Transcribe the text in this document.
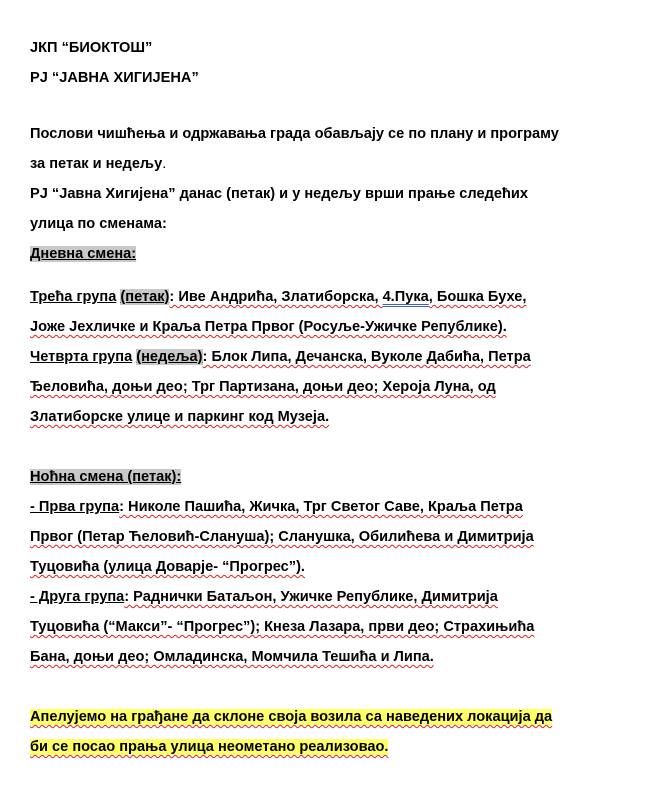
ЈКП “БИОКТОШ”
РЈ “ЈАВНА ХИГИЈЕНА”
Послови чишћења и одржавања града обављају се по плану и програму
за петак и недељу.
РЈ “Јавна Хигијена” данас (петак) и у недељу врши прање следећих
улица по сменама:
Дневна смена:
Трећа група (петак): Иве Андрића, Златиборска, 4.Пука, Бошка Бухе,
Јоже Јехличке и Краља Петра Првог (Росуље-Ужичке Републике).
Четврта група (недеља): Блок Липа, Дечанска, Вуколе Дабића, Петра
Ђеловића, доњи део; Трг Партизана, доњи део; Хероја Луна, од
Златиборске улице и паркинг код Музеја.
Ноћна смена (петак):
- Прва група: Николе Пашића, Жичка, Трг Светог Саве, Краља Петра
Првог (Петар Ћеловић-Слануша); Сланушка, Обилићева и Димитрија
Туцовића (улица Доварје- “Прогрес”).
- Друга група: Раднички Батаљон, Ужичке Републике, Димитрија
Туцовића (“Макси”- “Прогрес”); Кнеза Лазара, први део; Страхињића
Бана, доњи део; Омладинска, Момчила Тешића и Липа.
Апелујемо на грађане да склоне своја возила са наведених локација да
би се посао прања улица неометано реализовао.
